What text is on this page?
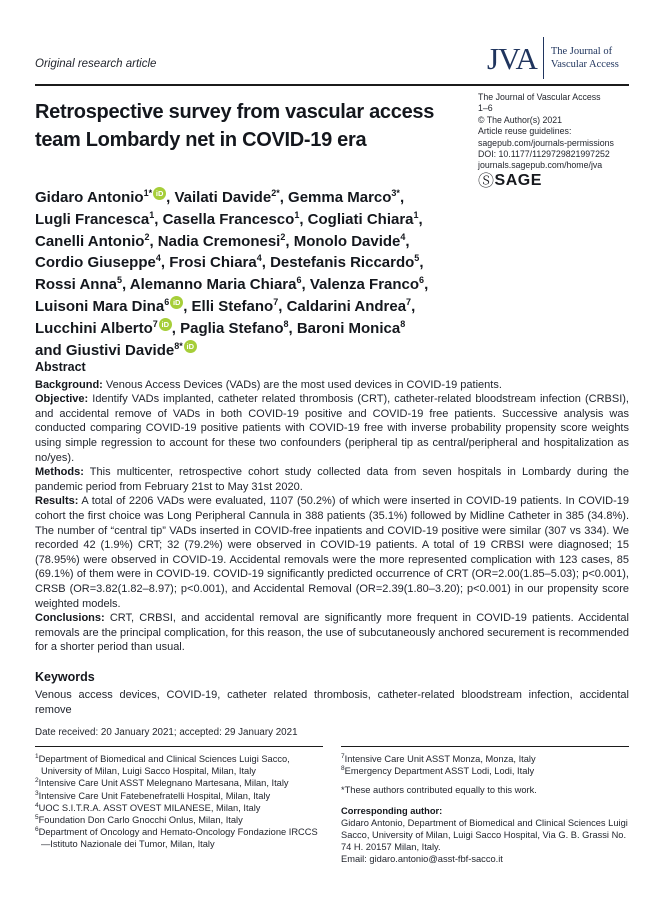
Original research article	JVA The Journal of
Vascular Access
Retrospective survey from vascular access
team Lombardy net in COVID-19 era
The Journal of Vascular Access
1–6
© The Author(s) 2021
Article reuse guidelines:
sagepub.com/journals-permissions
DOI: 10.1177/1129729821997252
journals.sagepub.com/home/jva
Ⓢ SAGE
Gidaro Antonio$^{1*}$ iD , Vailati Davide$^{2*}$, Gemma Marco$^{3*}$,
Lugli Francesca$^1$, Casella Francesco$^1$, Cogliati Chiara$^1$,
Canelli Antonio$^2$, Nadia Cremonesi$^2$, Monolo Davide$^4$,
Cordio Giuseppe$^4$, Frosi Chiara$^4$, Destefanis Riccardo$^5$,
Rossi Anna$^5$, Alemanno Maria Chiara$^6$, Valenza Franco$^6$,
Luisoni Mara Dina$^6$ iD , Elli Stefano$^7$, Caldarini Andrea$^7$,
Lucchini Alberto$^7$ iD , Paglia Stefano$^8$, Baroni Monica$^8$
and Giustivi Davide$^{8*}$ iD
Abstract

Background: Venous Access Devices (VADs) are the most used devices in COVID-19 patients.

Objective: Identify VADs implanted, catheter related thrombosis (CRT), catheter-related bloodstream infection (CRBSI), and accidental remove of VADs in both COVID-19 positive and COVID-19 free patients. Successive analysis was conducted comparing COVID-19 positive patients with COVID-19 free with inverse probability propensity score weights using simple regression to account for these two confounders (peripheral tip as central/peripheral and hospitalization as no/yes).

Methods: This multicenter, retrospective cohort study collected data from seven hospitals in Lombardy during the pandemic period from February 21st to May 31st 2020.

Results: A total of 2206 VADs were evaluated, 1107 (50.2%) of which were inserted in COVID-19 patients. In COVID-19 cohort the first choice was Long Peripheral Cannula in 388 patients (35.1%) followed by Midline Catheter in 385 (34.8%). The number of “central tip” VADs inserted in COVID-free inpatients and COVID-19 positive were similar (307 vs 334). We recorded 42 (1.9%) CRT; 32 (79.2%) were observed in COVID-19 patients. A total of 19 CRBSI were diagnosed; 15 (78.95%) were observed in COVID-19. Accidental removals were the more represented complication with 123 cases, 85 (69.1%) of them were in COVID-19. COVID-19 significantly predicted occurrence of CRT (OR=2.00(1.85–5.03); p<0.001), CRSB (OR=3.82(1.82–8.97); p<0.001), and Accidental Removal (OR=2.39(1.80–3.20); p<0.001) in our propensity score weighted models.

Conclusions: CRT, CRBSI, and accidental removal are significantly more frequent in COVID-19 patients. Accidental removals are the principal complication, for this reason, the use of subcutaneously anchored securement is recommended for a shorter period than usual.

Keywords
Venous access devices, COVID-19, catheter related thrombosis, catheter-related bloodstream infection, accidental remove
Date received: 20 January 2021; accepted: 29 January 2021
$^1$Department of Biomedical and Clinical Sciences Luigi Sacco, University of Milan, Luigi Sacco Hospital, Milan, Italy
$^2$Intensive Care Unit ASST Melegnano Martesana, Milan, Italy
$^3$Intensive Care Unit Fatebenefratelli Hospital, Milan, Italy
$^4$UOC S.I.T.R.A. ASST OVEST MILANESE, Milan, Italy
$^5$Foundation Don Carlo Gnocchi Onlus, Milan, Italy
$^6$Department of Oncology and Hemato-Oncology Fondazione IRCCS—Istituto Nazionale dei Tumor, Milan, Italy
$^7$Intensive Care Unit ASST Monza, Monza, Italy
$^8$Emergency Department ASST Lodi, Lodi, Italy
*These authors contributed equally to this work.
Corresponding author:
Gidaro Antonio, Department of Biomedical and Clinical Sciences Luigi Sacco, University of Milan, Luigi Sacco Hospital, Via G. B. Grassi No. 74 H. 20157 Milan, Italy.
Email: gidaro.antonio@asst-fbf-sacco.it
